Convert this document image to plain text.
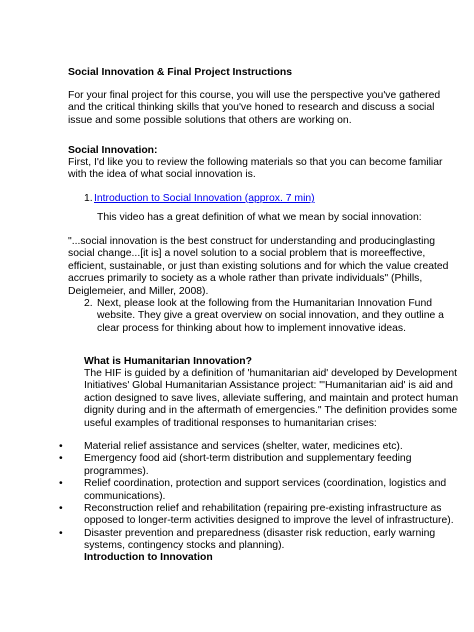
Social Innovation & Final Project Instructions

For your final project for this course, you will use the perspective you've gathered and the critical thinking skills that you've honed to research and discuss a social issue and some possible solutions that others are working on.

Social Innovation:

First, I'd like you to review the following materials so that you can become familiar with the idea of what social innovation is.

1. Introduction to Social Innovation (approx. 7 min)

This video has a great definition of what we mean by social innovation:

"...social innovation is the best construct for understanding and producinglasting social change...[it is] a novel solution to a social problem that is moreeffective, efficient, sustainable, or just than existing solutions and for which the value created accrues primarily to society as a whole rather than private individuals" (Phills, Deiglemeier, and Miller, 2008).

2. Next, please look at the following from the Humanitarian Innovation Fund website. They give a great overview on social innovation, and they outline a clear process for thinking about how to implement innovative ideas.

What is Humanitarian Innovation?

The HIF is guided by a definition of 'humanitarian aid' developed by Development Initiatives' Global Humanitarian Assistance project: "'Humanitarian aid' is aid and action designed to save lives, alleviate suffering, and maintain and protect human dignity during and in the aftermath of emergencies." The definition provides some useful examples of traditional responses to humanitarian crises:

• Material relief assistance and services (shelter, water, medicines etc).
• Emergency food aid (short-term distribution and supplementary feeding programmes).
• Relief coordination, protection and support services (coordination, logistics and communications).
• Reconstruction relief and rehabilitation (repairing pre-existing infrastructure as opposed to longer-term activities designed to improve the level of infrastructure).
• Disaster prevention and preparedness (disaster risk reduction, early warning systems, contingency stocks and planning).

Introduction to Innovation
